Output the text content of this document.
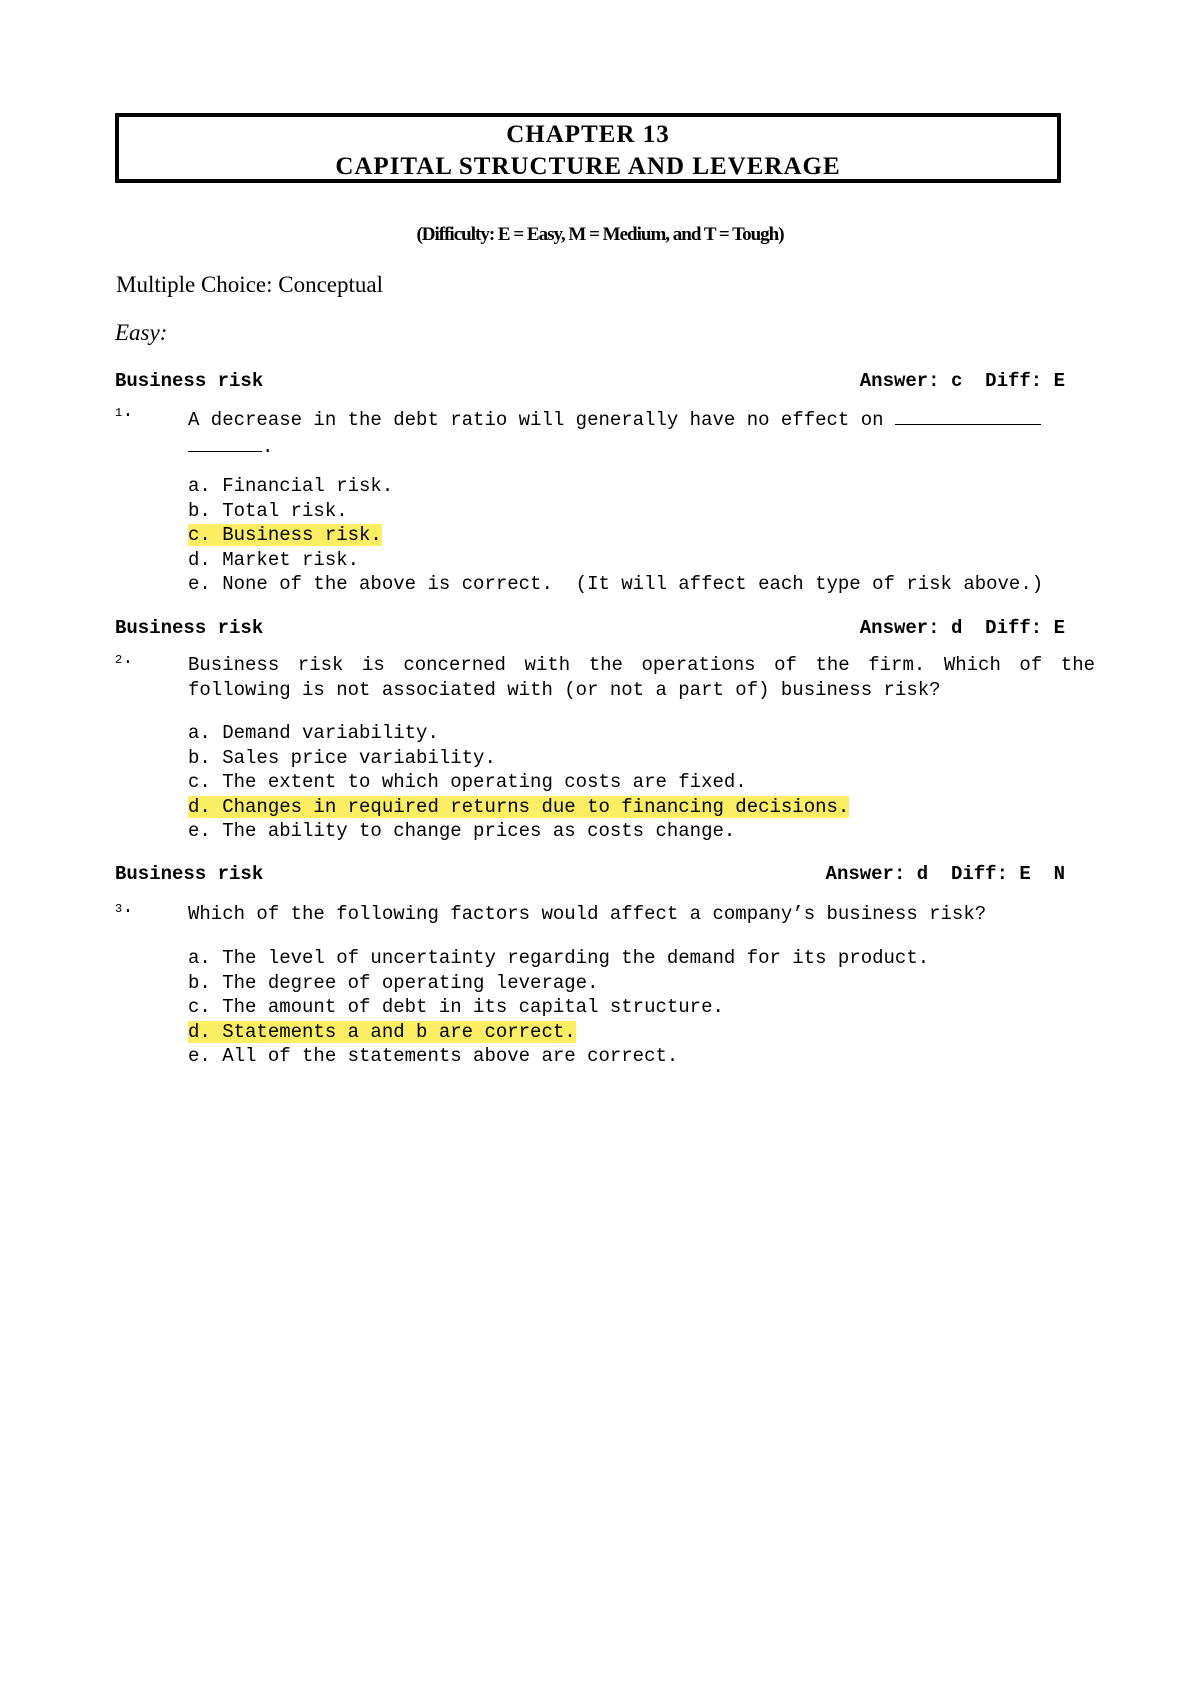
CHAPTER 13
CAPITAL STRUCTURE AND LEVERAGE
(Difficulty: E = Easy, M = Medium, and T = Tough)
Multiple Choice: Conceptual
Easy:
Business risk	Answer: c  Diff: E
1.	A decrease in the debt ratio will generally have no effect on
.
a. Financial risk.
b. Total risk.
c. Business risk.
d. Market risk.
e. None of the above is correct.  (It will affect each type of risk above.)
Business risk	Answer: d  Diff: E
2.	Business risk is concerned with the operations of the firm. Which of the following is not associated with (or not a part of) business risk?
a. Demand variability.
b. Sales price variability.
c. The extent to which operating costs are fixed.
d. Changes in required returns due to financing decisions.
e. The ability to change prices as costs change.
Business risk	Answer: d  Diff: E  N
3.	Which of the following factors would affect a company’s business risk?
a. The level of uncertainty regarding the demand for its product.
b. The degree of operating leverage.
c. The amount of debt in its capital structure.
d. Statements a and b are correct.
e. All of the statements above are correct.
